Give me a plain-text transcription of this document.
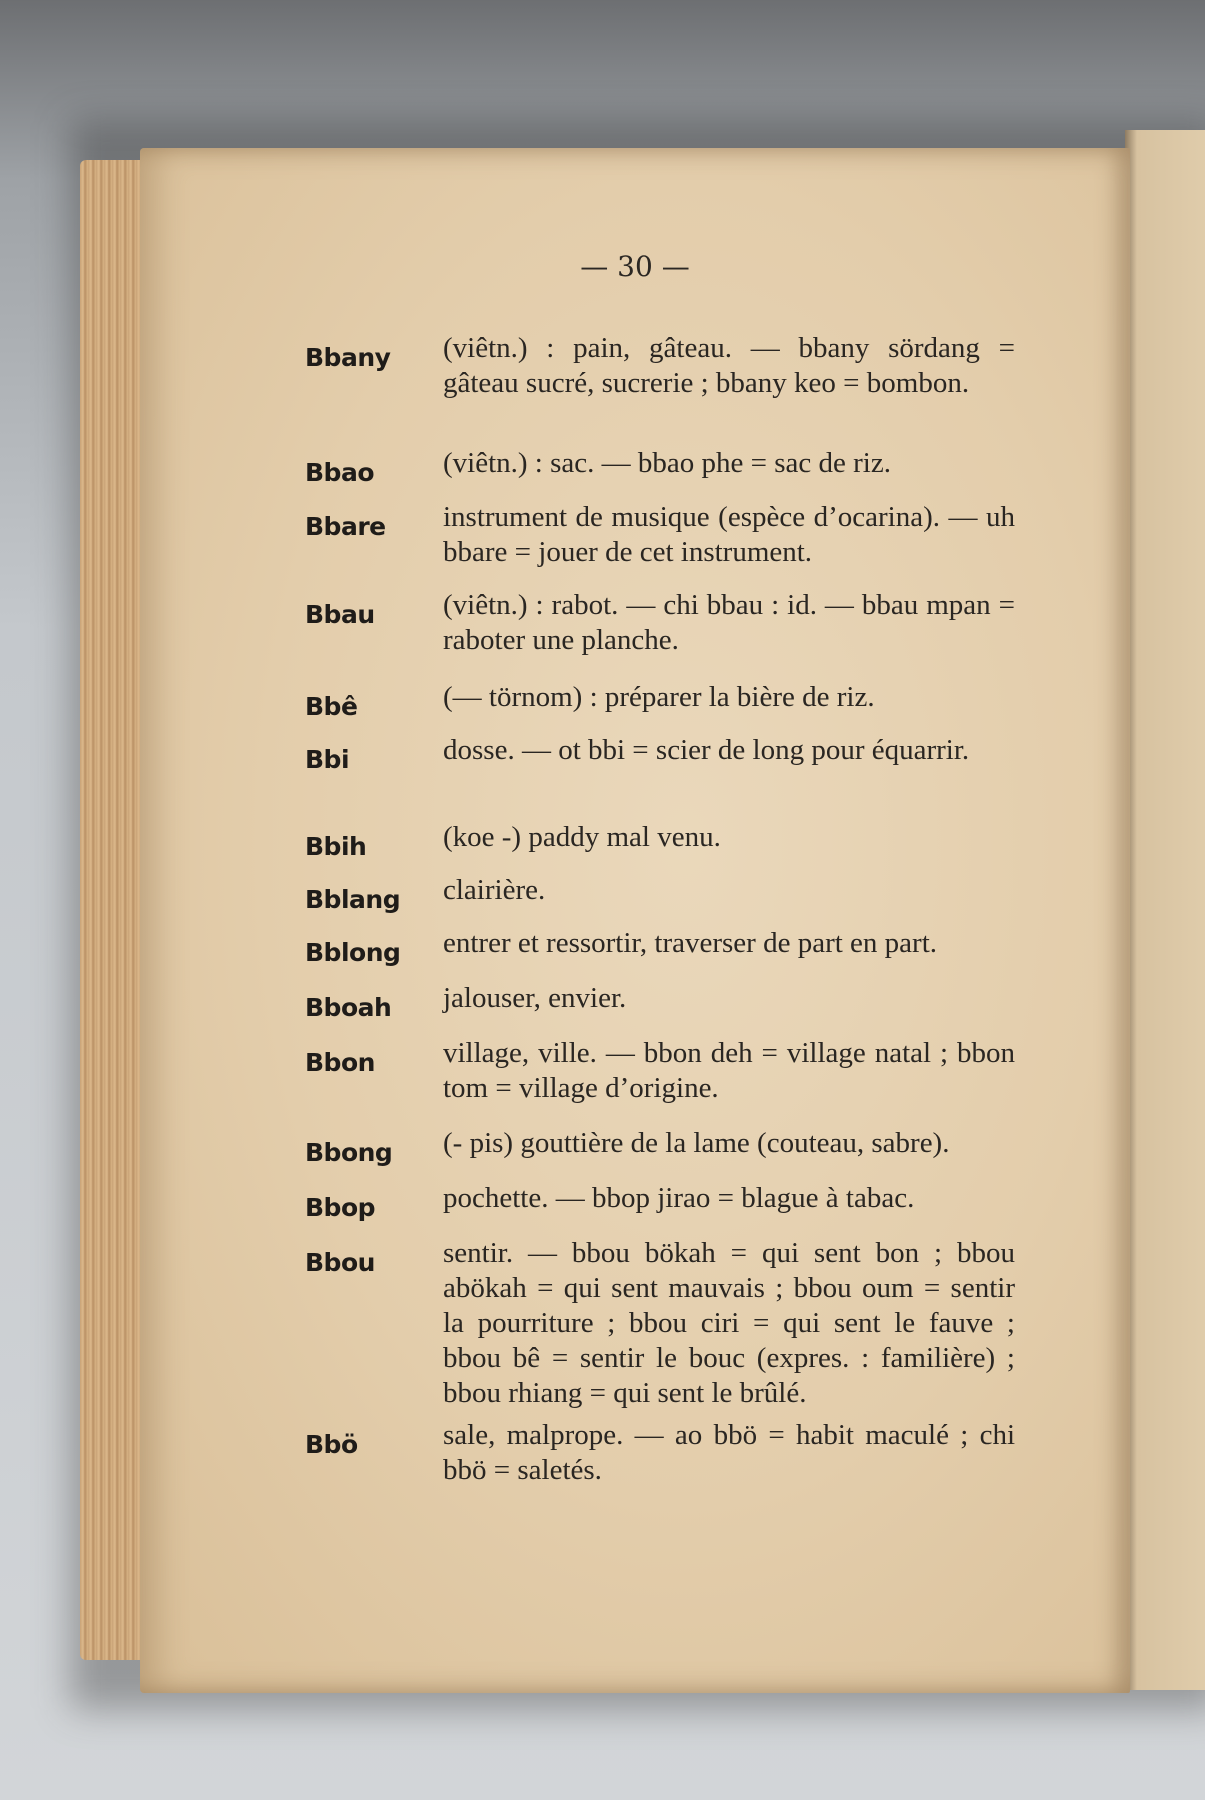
— 30 —
Bbany (viêtn.) : pain, gâteau. — bbany sördang = gâteau sucré, sucrerie ; bbany keo = bombon.
Bbao (viêtn.) : sac. — bbao phe = sac de riz.
Bbare instrument de musique (espèce d’ocarina). — uh bbare = jouer de cet instrument.
Bbau (viêtn.) : rabot. — chi bbau : id. — bbau mpan = raboter une planche.
Bbê	(— törnom) : préparer la bière de riz.
Bbi	dosse. — ot bbi = scier de long pour équarrir.
Bbih	(koe -) paddy mal venu.
Bblang clairière.
Bblong entrer et ressortir, traverser de part en part.
Bboah jalouser, envier.
Bbon village, ville. — bbon deh = village natal ; bbon tom = village d’origine.
Bbong (- pis) gouttière de la lame (couteau, sabre).
Bbop pochette. — bbop jirao = blague à tabac.
Bbou sentir. — bbou bökah = qui sent bon ; bbou abökah = qui sent mauvais ; bbou oum = sentir la pourriture ; bbou ciri = qui sent le fauve ; bbou bê = sentir le bouc (expres. : familière) ; bbou rhiang = qui sent le brûlé.
Bbö	sale, malprope. — ao bbö = habit maculé ; chi bbö = saletés.
